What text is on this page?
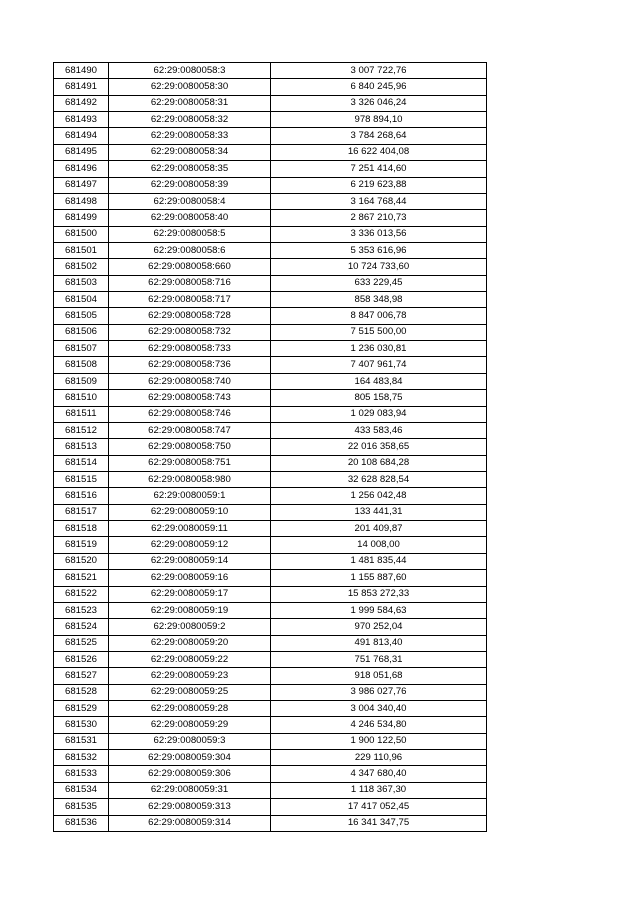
681490	62:29:0080058:3	3 007 722,76
681491	62:29:0080058:30	6 840 245,96
681492	62:29:0080058:31	3 326 046,24
681493	62:29:0080058:32	978 894,10
681494	62:29:0080058:33	3 784 268,64
681495	62:29:0080058:34	16 622 404,08
681496	62:29:0080058:35	7 251 414,60
681497	62:29:0080058:39	6 219 623,88
681498	62:29:0080058:4	3 164 768,44
681499	62:29:0080058:40	2 867 210,73
681500	62:29:0080058:5	3 336 013,56
681501	62:29:0080058:6	5 353 616,96
681502	62:29:0080058:660	10 724 733,60
681503	62:29:0080058:716	633 229,45
681504	62:29:0080058:717	858 348,98
681505	62:29:0080058:728	8 847 006,78
681506	62:29:0080058:732	7 515 500,00
681507	62:29:0080058:733	1 236 030,81
681508	62:29:0080058:736	7 407 961,74
681509	62:29:0080058:740	164 483,84
681510	62:29:0080058:743	805 158,75
681511	62:29:0080058:746	1 029 083,94
681512	62:29:0080058:747	433 583,46
681513	62:29:0080058:750	22 016 358,65
681514	62:29:0080058:751	20 108 684,28
681515	62:29:0080058:980	32 628 828,54
681516	62:29:0080059:1	1 256 042,48
681517	62:29:0080059:10	133 441,31
681518	62:29:0080059:11	201 409,87
681519	62:29:0080059:12	14 008,00
681520	62:29:0080059:14	1 481 835,44
681521	62:29:0080059:16	1 155 887,60
681522	62:29:0080059:17	15 853 272,33
681523	62:29:0080059:19	1 999 584,63
681524	62:29:0080059:2	970 252,04
681525	62:29:0080059:20	491 813,40
681526	62:29:0080059:22	751 768,31
681527	62:29:0080059:23	918 051,68
681528	62:29:0080059:25	3 986 027,76
681529	62:29:0080059:28	3 004 340,40
681530	62:29:0080059:29	4 246 534,80
681531	62:29:0080059:3	1 900 122,50
681532	62:29:0080059:304	229 110,96
681533	62:29:0080059:306	4 347 680,40
681534	62:29:0080059:31	1 118 367,30
681535	62:29:0080059:313	17 417 052,45
681536	62:29:0080059:314	16 341 347,75
